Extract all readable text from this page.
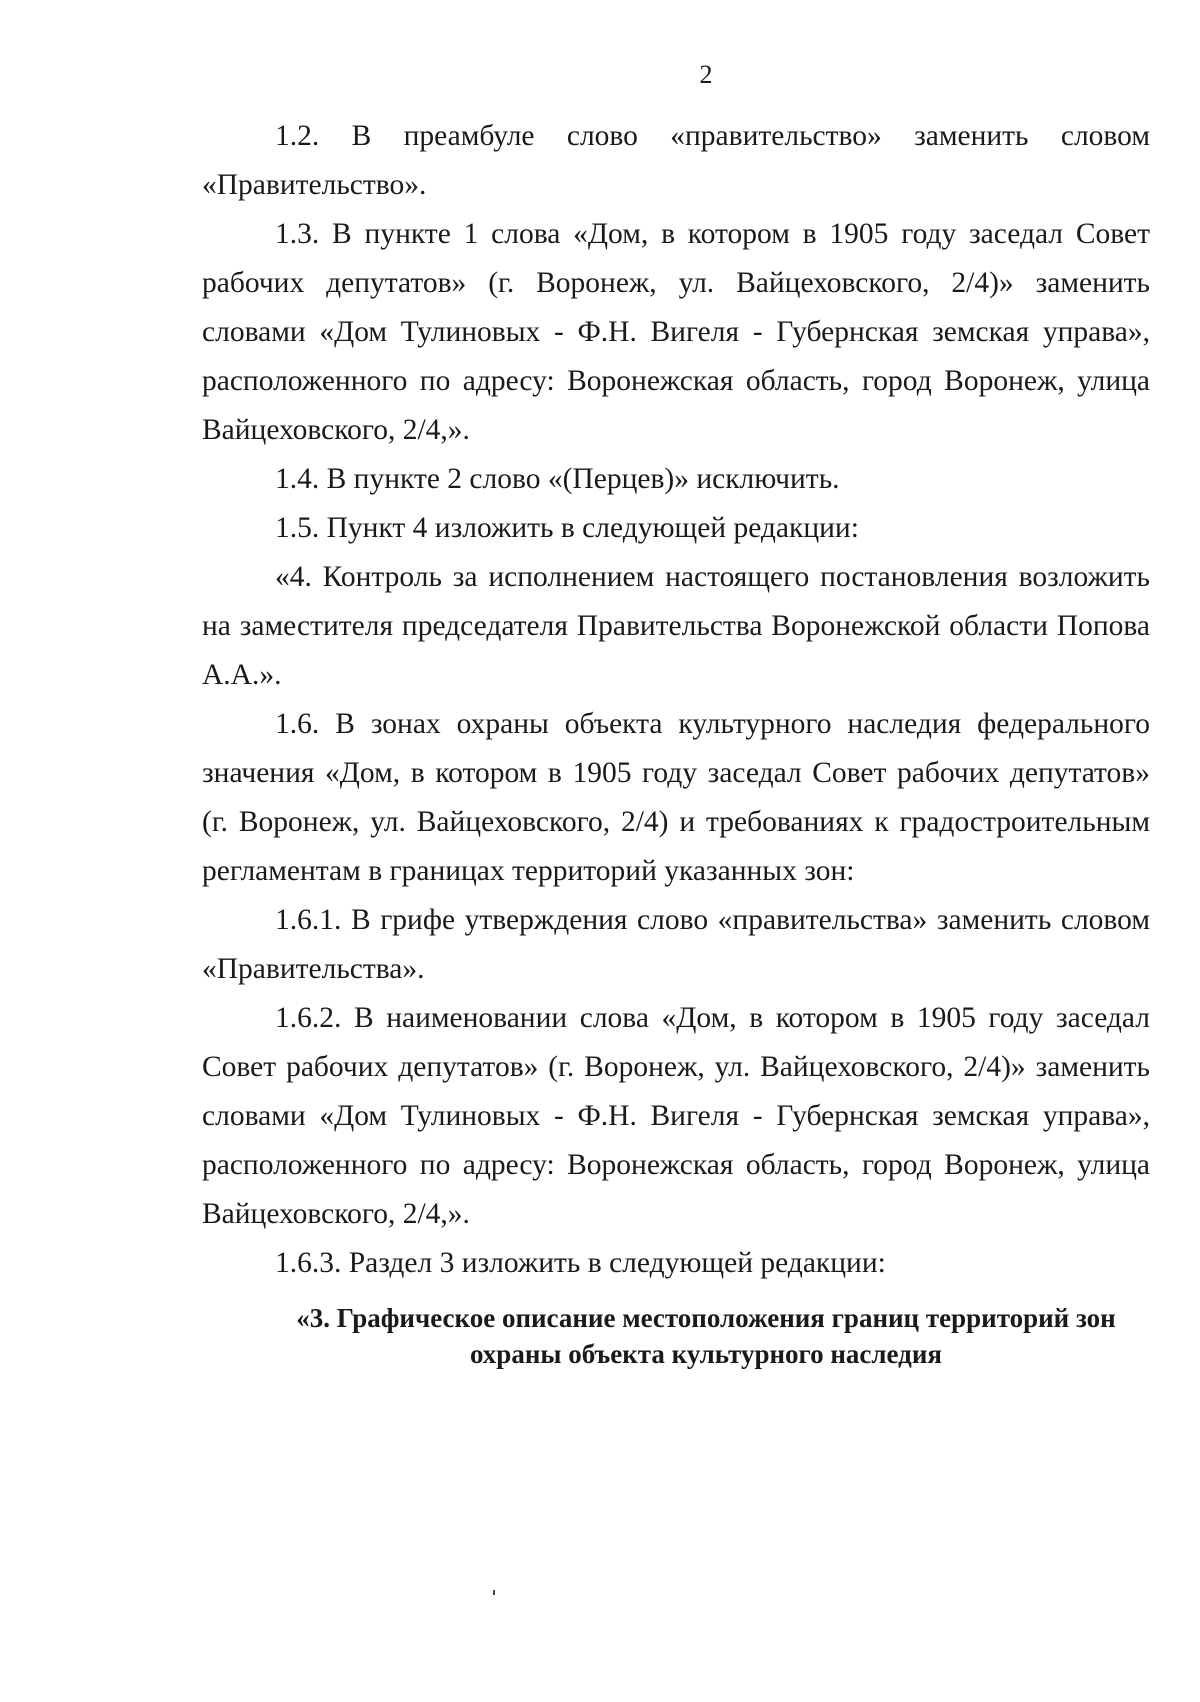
2

1.2. В преамбуле слово «правительство» заменить словом «Правительство».

1.3. В пункте 1 слова «Дом, в котором в 1905 году заседал Совет рабочих депутатов» (г. Воронеж, ул. Вайцеховского, 2/4)» заменить словами «Дом Тулиновых - Ф.Н. Вигеля - Губернская земская управа», расположенного по адресу: Воронежская область, город Воронеж, улица Вайцеховского, 2/4,».

1.4. В пункте 2 слово «(Перцев)» исключить.

1.5. Пункт 4 изложить в следующей редакции:

«4. Контроль за исполнением настоящего постановления возложить на заместителя председателя Правительства Воронежской области Попова А.А.».

1.6. В зонах охраны объекта культурного наследия федерального значения «Дом, в котором в 1905 году заседал Совет рабочих депутатов» (г. Воронеж, ул. Вайцеховского, 2/4) и требованиях к градостроительным регламентам в границах территорий указанных зон:

1.6.1. В грифе утверждения слово «правительства» заменить словом «Правительства».

1.6.2. В наименовании слова «Дом, в котором в 1905 году заседал Совет рабочих депутатов» (г. Воронеж, ул. Вайцеховского, 2/4)» заменить словами «Дом Тулиновых - Ф.Н. Вигеля - Губернская земская управа», расположенного по адресу: Воронежская область, город Воронеж, улица Вайцеховского, 2/4,».

1.6.3. Раздел 3 изложить в следующей редакции:

«3. Графическое описание местоположения границ территорий зон
охраны объекта культурного наследия
